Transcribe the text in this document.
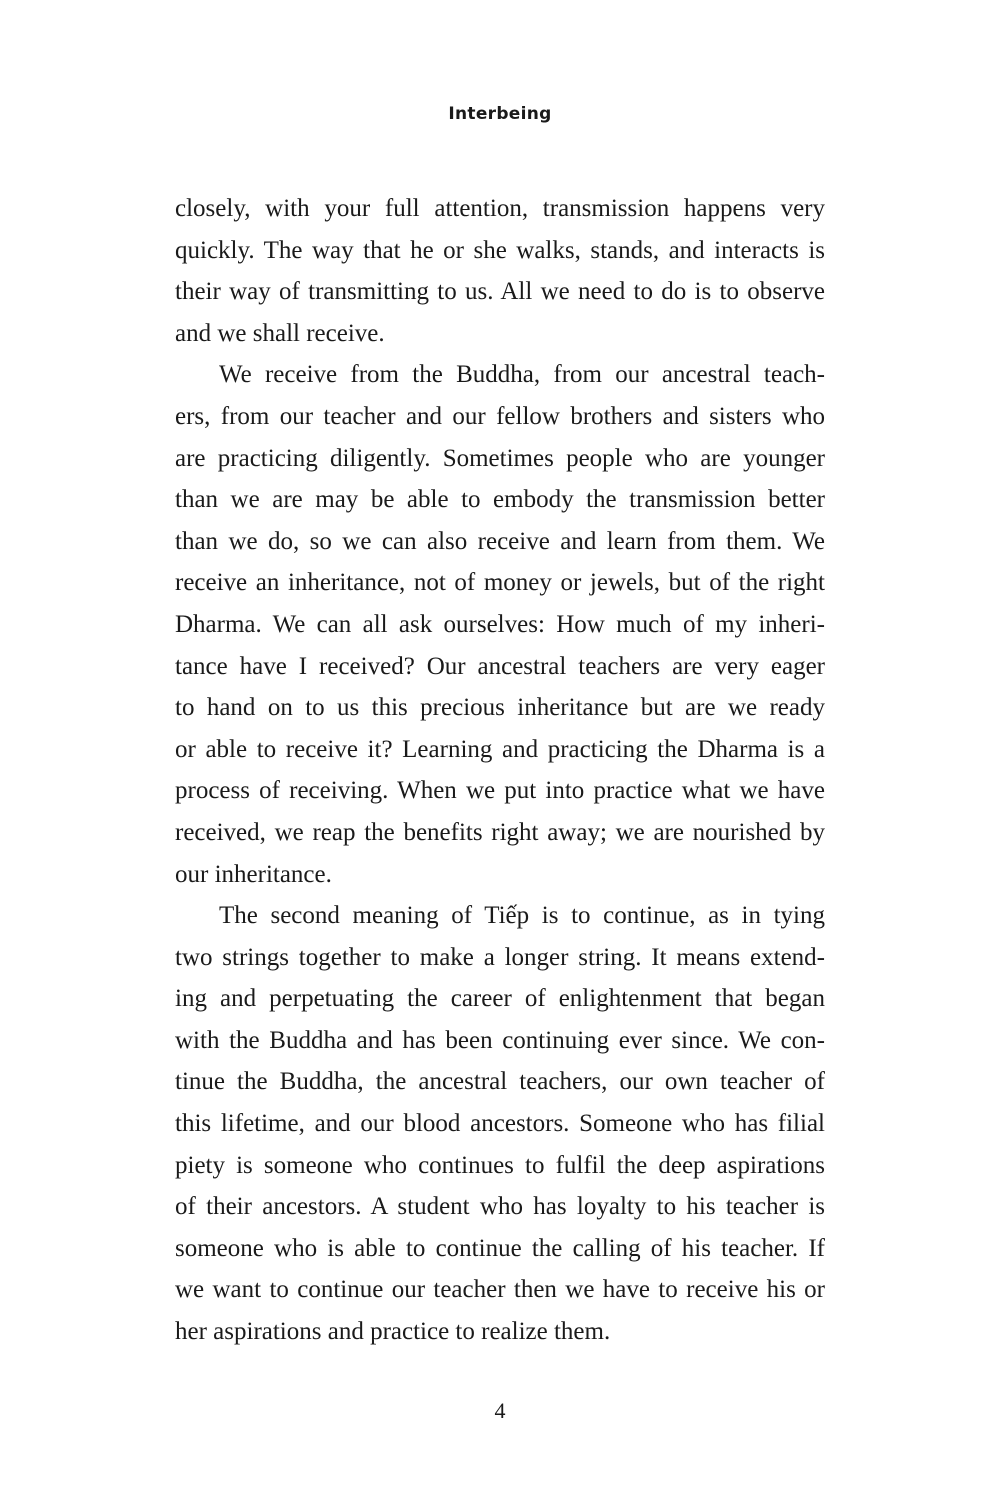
Interbeing
closely, with your full attention, transmission happens very
quickly. The way that he or she walks, stands, and interacts is
their way of transmitting to us. All we need to do is to observe
and we shall receive.
We receive from the Buddha, from our ancestral teach-
ers, from our teacher and our fellow brothers and sisters who
are practicing diligently. Sometimes people who are younger
than we are may be able to embody the transmission better
than we do, so we can also receive and learn from them. We
receive an inheritance, not of money or jewels, but of the right
Dharma. We can all ask ourselves: How much of my inheri-
tance have I received? Our ancestral teachers are very eager
to hand on to us this precious inheritance but are we ready
or able to receive it? Learning and practicing the Dharma is a
process of receiving. When we put into practice what we have
received, we reap the benefits right away; we are nourished by
our inheritance.
The second meaning of Tiếp is to continue, as in tying
two strings together to make a longer string. It means extend-
ing and perpetuating the career of enlightenment that began
with the Buddha and has been continuing ever since. We con-
tinue the Buddha, the ancestral teachers, our own teacher of
this lifetime, and our blood ancestors. Someone who has filial
piety is someone who continues to fulfil the deep aspirations
of their ancestors. A student who has loyalty to his teacher is
someone who is able to continue the calling of his teacher. If
we want to continue our teacher then we have to receive his or
her aspirations and practice to realize them.
4
